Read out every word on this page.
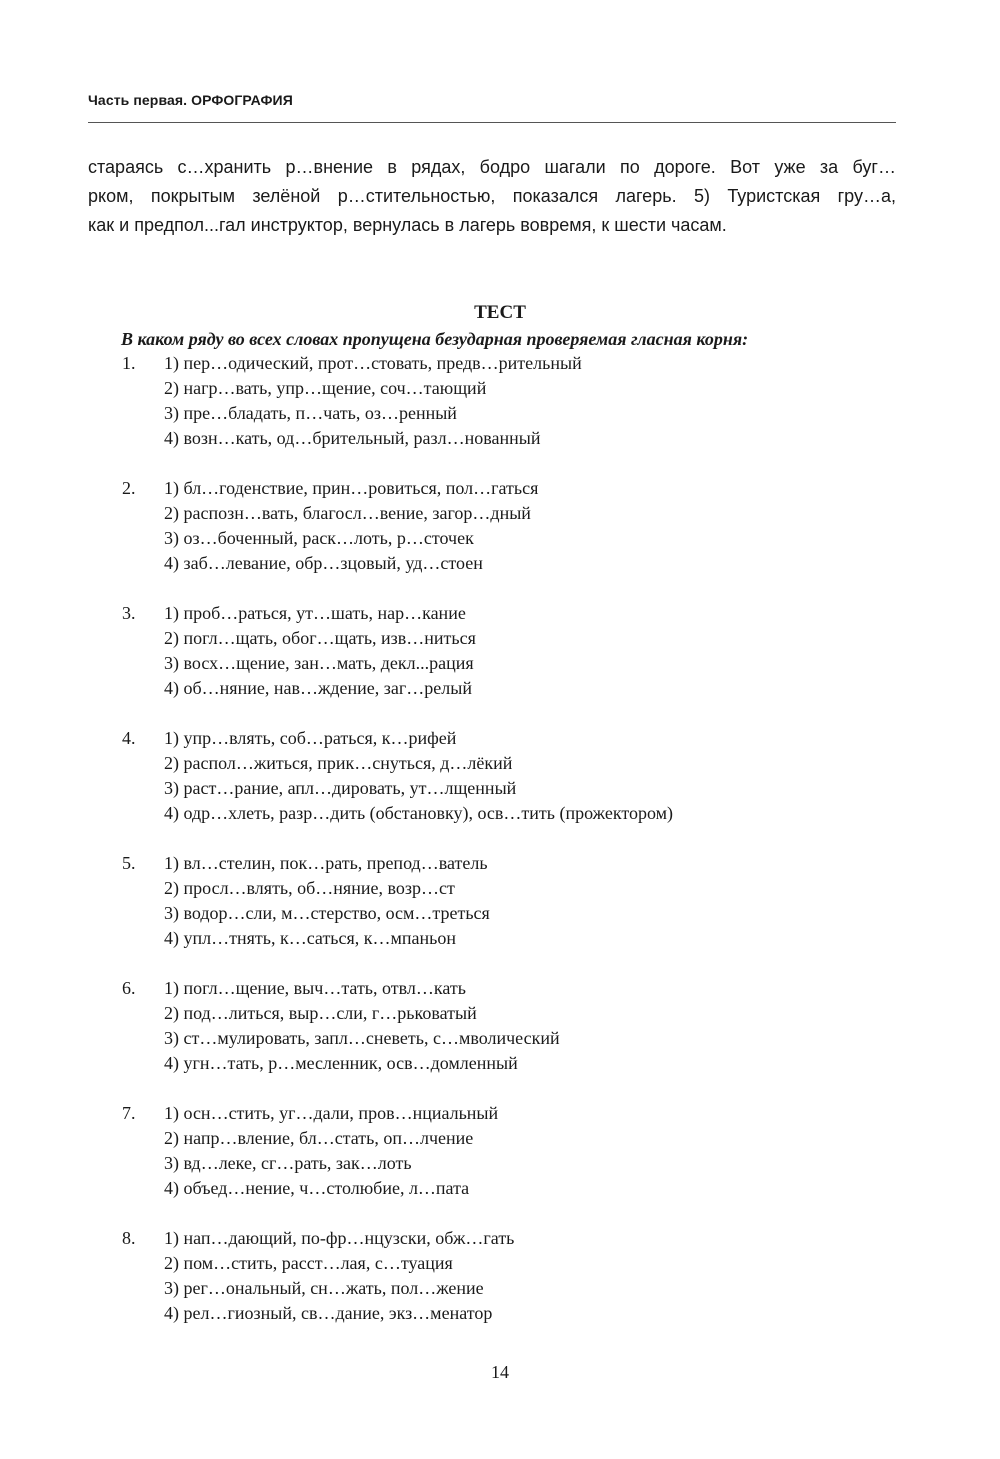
Часть первая. ОРФОГРАФИЯ
стараясь с…хранить р…внение в рядах, бодро шагали по дороге. Вот уже за буг…
рком, покрытым зелёной р…стительностью, показался лагерь. 5) Туристская гру…а,
как и предпол...гал инструктор, вернулась в лагерь вовремя, к шести часам.
ТЕСТ
В каком ряду во всех словах пропущена безударная проверяемая гласная корня:
1. 1) пер…одический, прот…стовать, предв…рительный
2) нагр…вать, упр…щение, соч…тающий
3) пре…бладать, п…чать, оз…ренный
4) возн…кать, од…брительный, разл…нованный
2. 1) бл…годенствие, прин…ровиться, пол…гаться
2) распозн…вать, благосл…вение, загор…дный
3) оз…боченный, раск…лоть, р…сточек
4) заб…левание, обр…зцовый, уд…стоен
3. 1) проб…раться, ут…шать, нар…кание
2) погл…щать, обог…щать, изв…ниться
3) восх…щение, зан…мать, декл...рация
4) об…няние, нав…ждение, заг…релый
4. 1) упр…влять, соб…раться, к…рифей
2) распол…житься, прик…снуться, д…лёкий
3) раст…рание, апл…дировать, ут…лщенный
4) одр…хлеть, разр…дить (обстановку), осв…тить (прожектором)
5. 1) вл…стелин, пок…рать, препод…ватель
2) просл…влять, об…няние, возр…ст
3) водор…сли, м…стерство, осм…треться
4) упл…тнять, к…саться, к…мпаньон
6. 1) погл…щение, выч…тать, отвл…кать
2) под…литься, выр…сли, г…рьковатый
3) ст…мулировать, запл…сневеть, с…мволический
4) угн…тать, р…месленник, осв…домленный
7. 1) осн…стить, уг…дали, пров…нциальный
2) напр…вление, бл…стать, оп…лчение
3) вд…леке, сг…рать, зак…лоть
4) объед…нение, ч…столюбие, л…пата
8. 1) нап…дающий, по-фр…нцузски, обж…гать
2) пом…стить, расст…лая, с…туация
3) рег…ональный, сн…жать, пол…жение
4) рел…гиозный, св…дание, экз…менатор
14
